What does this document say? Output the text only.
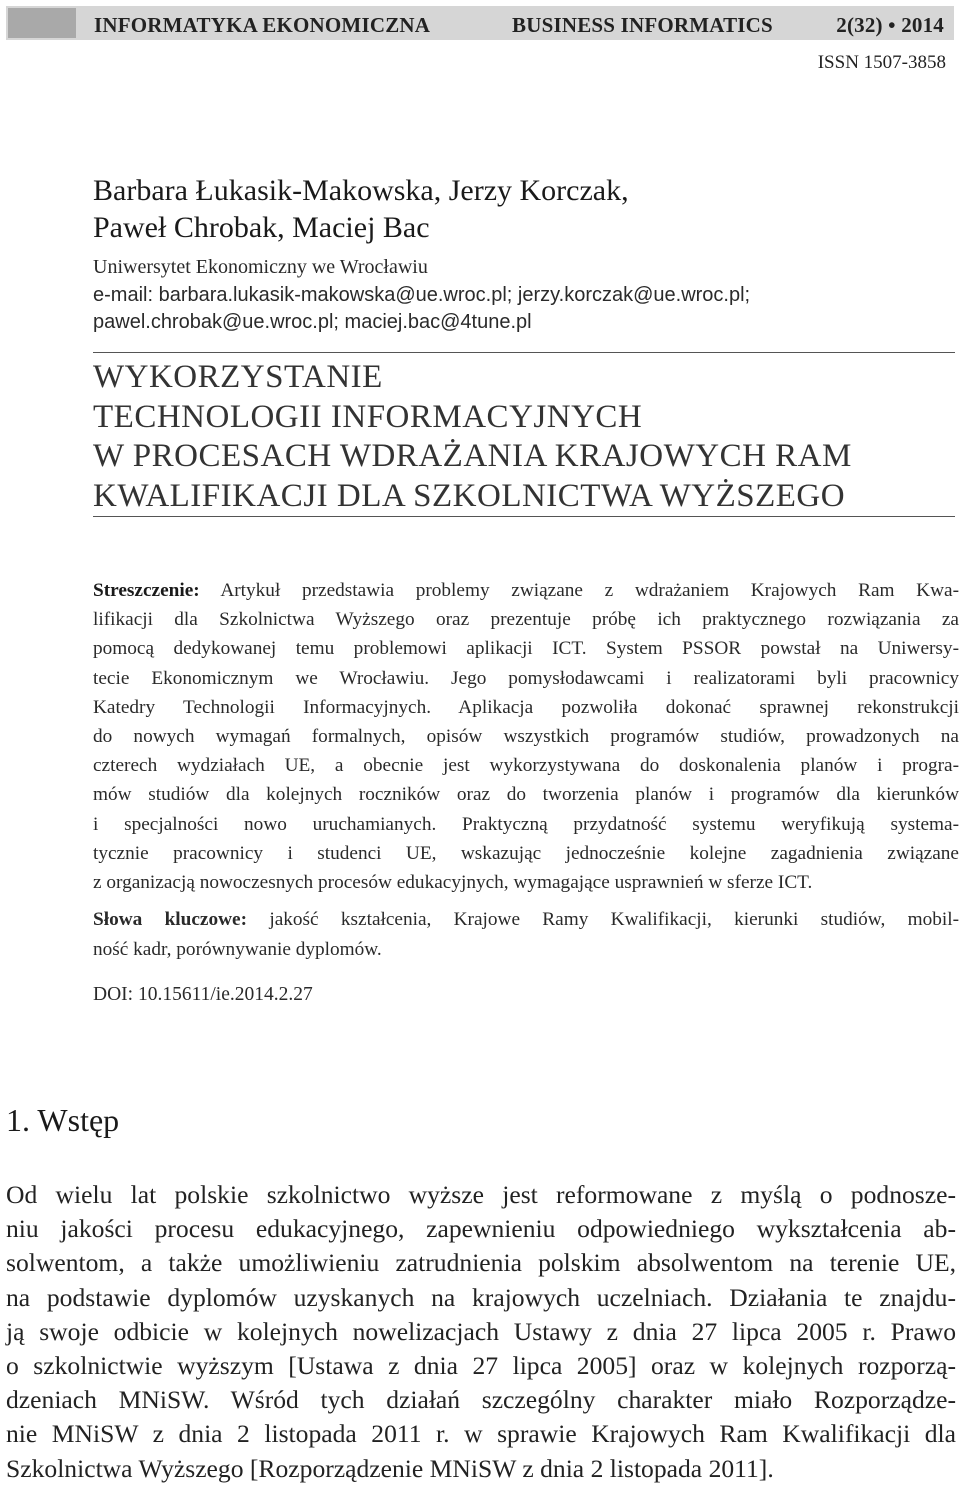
INFORMATYKA EKONOMICZNA	BUSINESS INFORMATICS	2(32) • 2014
ISSN 1507-3858
Barbara Łukasik-Makowska, Jerzy Korczak,
Paweł Chrobak, Maciej Bac
Uniwersytet Ekonomiczny we Wrocławiu
e-mail: barbara.lukasik-makowska@ue.wroc.pl; jerzy.korczak@ue.wroc.pl;
pawel.chrobak@ue.wroc.pl; maciej.bac@4tune.pl
WYKORZYSTANIE
TECHNOLOGII INFORMACYJNYCH
W PROCESACH WDRAŻANIA KRAJOWYCH RAM
KWALIFIKACJI DLA SZKOLNICTWA WYŻSZEGO
Streszczenie: Artykuł przedstawia problemy związane z wdrażaniem Krajowych Ram Kwa-
lifikacji dla Szkolnictwa Wyższego oraz prezentuje próbę ich praktycznego rozwiązania za
pomocą dedykowanej temu problemowi aplikacji ICT. System PSSOR powstał na Uniwersy-
tecie Ekonomicznym we Wrocławiu. Jego pomysłodawcami i realizatorami byli pracownicy
Katedry Technologii Informacyjnych. Aplikacja pozwoliła dokonać sprawnej rekonstrukcji
do nowych wymagań formalnych, opisów wszystkich programów studiów, prowadzonych na
czterech wydziałach UE, a obecnie jest wykorzystywana do doskonalenia planów i progra-
mów studiów dla kolejnych roczników oraz do tworzenia planów i programów dla kierunków
i specjalności nowo uruchamianych. Praktyczną przydatność systemu weryfikują systema-
tycznie pracownicy i studenci UE, wskazując jednocześnie kolejne zagadnienia związane
z organizacją nowoczesnych procesów edukacyjnych, wymagające usprawnień w sferze ICT.
Słowa kluczowe: jakość kształcenia, Krajowe Ramy Kwalifikacji, kierunki studiów, mobil-
ność kadr, porównywanie dyplomów.
DOI: 10.15611/ie.2014.2.27
1. Wstęp
Od wielu lat polskie szkolnictwo wyższe jest reformowane z myślą o podnosze-
niu jakości procesu edukacyjnego, zapewnieniu odpowiedniego wykształcenia ab-
solwentom, a także umożliwieniu zatrudnienia polskim absolwentom na terenie UE,
na podstawie dyplomów uzyskanych na krajowych uczelniach. Działania te znajdu-
ją swoje odbicie w kolejnych nowelizacjach Ustawy z dnia 27 lipca 2005 r. Prawo
o szkolnictwie wyższym [Ustawa z dnia 27 lipca 2005] oraz w kolejnych rozporzą-
dzeniach MNiSW. Wśród tych działań szczególny charakter miało Rozporządze-
nie MNiSW z dnia 2 listopada 2011 r. w sprawie Krajowych Ram Kwalifikacji dla
Szkolnictwa Wyższego [Rozporządzenie MNiSW z dnia 2 listopada 2011].
